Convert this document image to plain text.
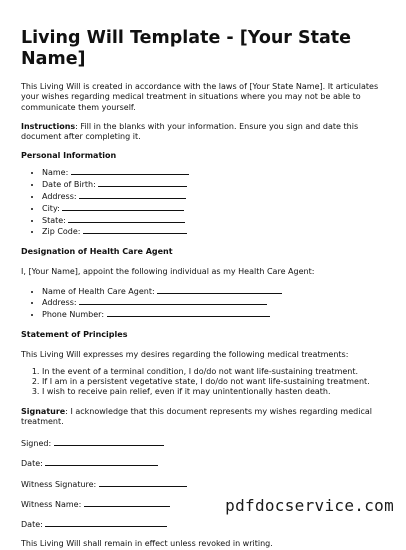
Living Will Template - [Your State Name]

This Living Will is created in accordance with the laws of [Your State Name]. It articulates your wishes regarding medical treatment in situations where you may not be able to communicate them yourself.

Instructions: Fill in the blanks with your information. Ensure you sign and date this document after completing it.

Personal Information
• Name:
• Date of Birth:
• Address:
• City:
• State:
• Zip Code:
Designation of Health Care Agent

I, [Your Name], appoint the following individual as my Health Care Agent:

• Name of Health Care Agent:
• Address:
• Phone Number:
Statement of Principles

This Living Will expresses my desires regarding the following medical treatments:

1. In the event of a terminal condition, I do/do not want life-sustaining treatment.
2. If I am in a persistent vegetative state, I do/do not want life-sustaining treatment.
3. I wish to receive pain relief, even if it may unintentionally hasten death.

Signature: I acknowledge that this document represents my wishes regarding medical treatment.

Signed:
Date:
Witness Signature:
Witness Name:
Date:

This Living Will shall remain in effect unless revoked in writing.

pdfdocservice.com
